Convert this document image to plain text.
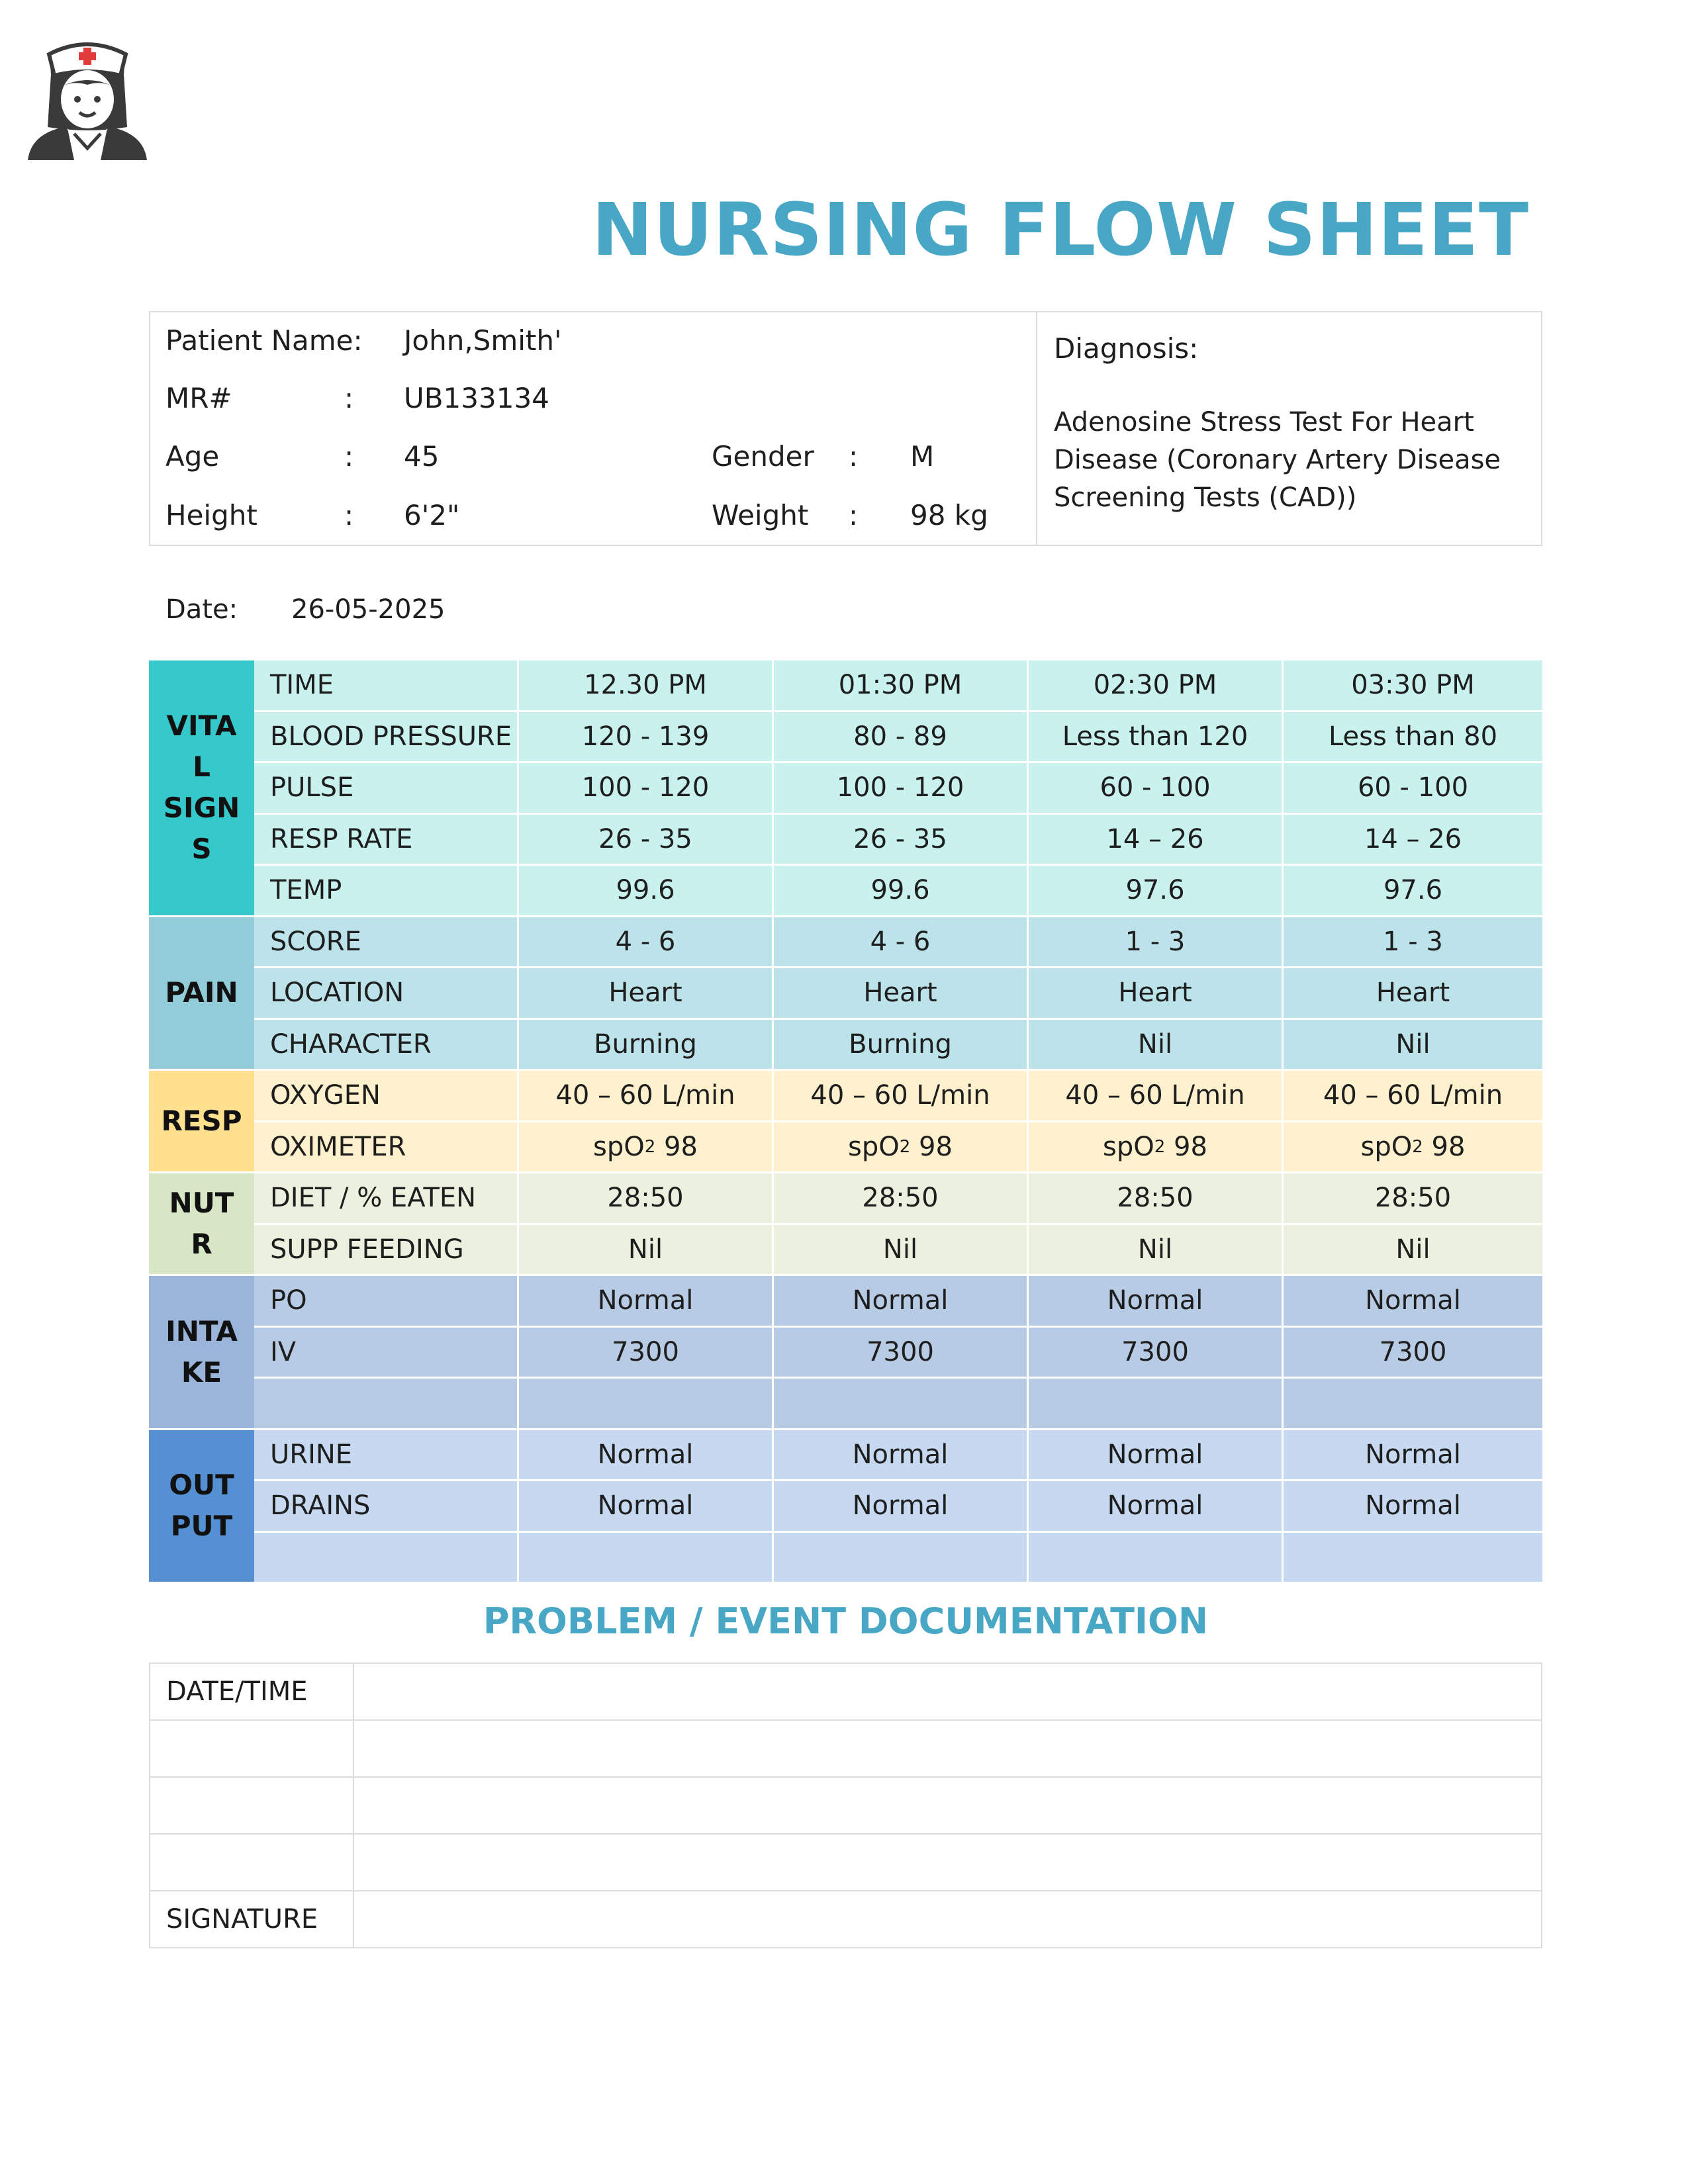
NURSING FLOW SHEET
Patient Name: John,Smith'
MR#	: UB133134
Age	: 45	Gender : M
Height	: 6'2"	Weight : 98 kg
Diagnosis:
Adenosine Stress Test For Heart Disease (Coronary Artery Disease Screening Tests (CAD))
Date: 26-05-2025
VITA
L
SIGN
S
TIME	12.30 PM	01:30 PM	02:30 PM	03:30 PM
BLOOD PRESSURE	120 - 139	80 - 89	Less than 120	Less than 80
PULSE	100 - 120	100 - 120	60 - 100	60 - 100
RESP RATE	26 - 35	26 - 35	14 – 26	14 – 26
TEMP	99.6	99.6	97.6	97.6
PAIN
SCORE	4 - 6	4 - 6	1 - 3	1 - 3
LOCATION	Heart	Heart	Heart	Heart
CHARACTER	Burning	Burning	Nil	Nil
RESP
OXYGEN	40 – 60 L/min	40 – 60 L/min	40 – 60 L/min	40 – 60 L/min
OXIMETER	spO 2 98	spO 2 98	spO 2 98	spO 2 98
NUT
R
DIET / % EATEN	28:50	28:50	28:50	28:50
SUPP FEEDING	Nil	Nil	Nil	Nil
INTA
KE
PO	Normal	Normal	Normal	Normal
IV	7300	7300	7300	7300
OUT
PUT
URINE	Normal	Normal	Normal	Normal
DRAINS	Normal	Normal	Normal	Normal
PROBLEM / EVENT DOCUMENTATION
DATE/TIME	

SIGNATURE	
